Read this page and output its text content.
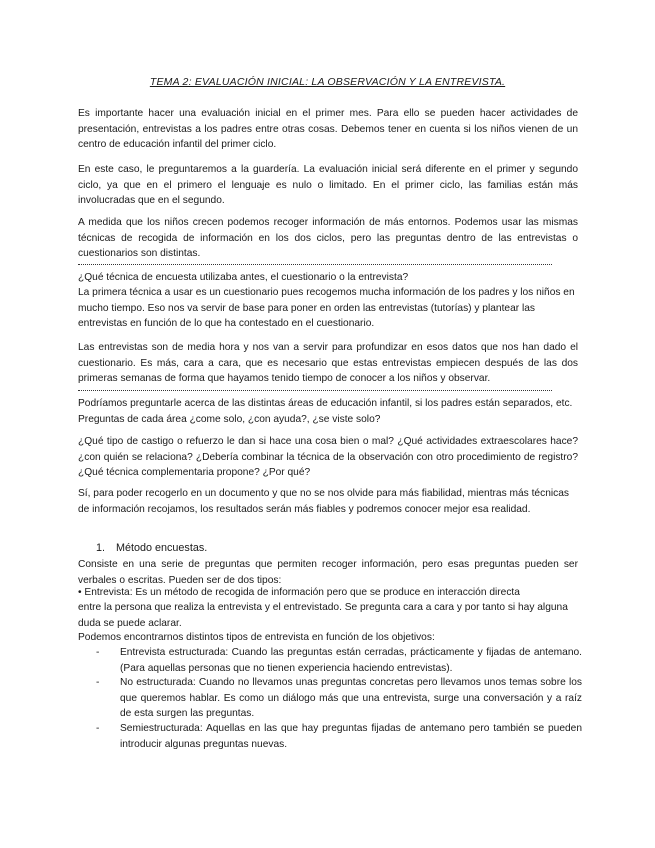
TEMA 2: EVALUACIÓN INICIAL: LA OBSERVACIÓN Y LA ENTREVISTA.

Es importante hacer una evaluación inicial en el primer mes. Para ello se pueden hacer actividades de presentación, entrevistas a los padres entre otras cosas. Debemos tener en cuenta si los niños vienen de un centro de educación infantil del primer ciclo.

En este caso, le preguntaremos a la guardería. La evaluación inicial será diferente en el primer y segundo ciclo, ya que en el primero el lenguaje es nulo o limitado. En el primer ciclo, las familias están más involucradas que en el segundo.

A medida que los niños crecen podemos recoger información de más entornos. Podemos usar las mismas técnicas de recogida de información en los dos ciclos, pero las preguntas dentro de las entrevistas o cuestionarios son distintas.

¿Qué técnica de encuesta utilizaba antes, el cuestionario o la entrevista?

La primera técnica a usar es un cuestionario pues recogemos mucha información de los padres y los niños en mucho tiempo. Eso nos va servir de base para poner en orden las entrevistas (tutorías) y plantear las entrevistas en función de lo que ha contestado en el cuestionario.

Las entrevistas son de media hora y nos van a servir para profundizar en esos datos que nos han dado el cuestionario. Es más, cara a cara, que es necesario que estas entrevistas empiecen después de las dos primeras semanas de forma que hayamos tenido tiempo de conocer a los niños y observar.

Podríamos preguntarle acerca de las distintas áreas de educación infantil, si los padres están separados, etc. Preguntas de cada área ¿come solo, ¿con ayuda?, ¿se viste solo?

¿Qué tipo de castigo o refuerzo le dan si hace una cosa bien o mal? ¿Qué actividades extraescolares hace? ¿con quién se relaciona? ¿Debería combinar la técnica de la observación con otro procedimiento de registro? ¿Qué técnica complementaria propone? ¿Por qué?

Sí, para poder recogerlo en un documento y que no se nos olvide para más fiabilidad, mientras más técnicas de información recojamos, los resultados serán más fiables y podremos conocer mejor esa realidad.

1. Método encuestas.

Consiste en una serie de preguntas que permiten recoger información, pero esas preguntas pueden ser verbales o escritas. Pueden ser de dos tipos:

• Entrevista: Es un método de recogida de información pero que se produce en interacción directa

entre la persona que realiza la entrevista y el entrevistado. Se pregunta cara a cara y por tanto si hay alguna duda se puede aclarar.

Podemos encontrarnos distintos tipos de entrevista en función de los objetivos:

- Entrevista estructurada: Cuando las preguntas están cerradas, prácticamente y fijadas de antemano. (Para aquellas personas que no tienen experiencia haciendo entrevistas).
- No estructurada: Cuando no llevamos unas preguntas concretas pero llevamos unos temas sobre los que queremos hablar. Es como un diálogo más que una entrevista, surge una conversación y a raíz de esta surgen las preguntas.
- Semiestructurada: Aquellas en las que hay preguntas fijadas de antemano pero también se pueden introducir algunas preguntas nuevas.
